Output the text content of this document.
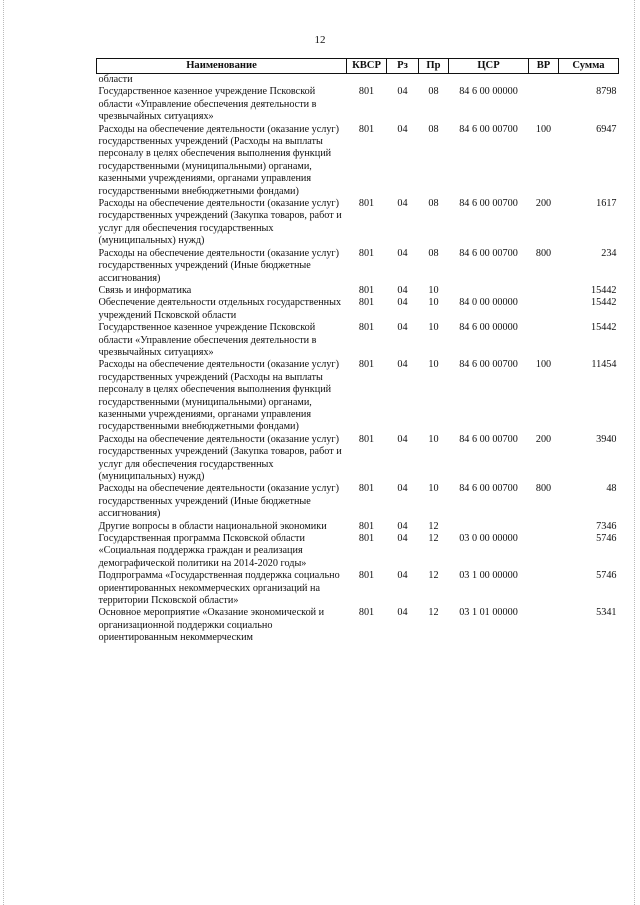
12
Наименование	КВСР	Рз	Пр	ЦСР	ВР	Сумма
области						
Государственное казенное учреждение Псковской области «Управление обеспечения деятельности в чрезвычайных ситуациях»	801	04	08	84 6 00 00000		8798
Расходы на обеспечение деятельности (оказание услуг) государственных учреждений (Расходы на выплаты персоналу в целях обеспечения выполнения функций государственными (муниципальными) органами, казенными учреждениями, органами управления государственными внебюджетными фондами)	801	04	08	84 6 00 00700	100	6947
Расходы на обеспечение деятельности (оказание услуг) государственных учреждений (Закупка товаров, работ и услуг для обеспечения государственных (муниципальных) нужд)	801	04	08	84 6 00 00700	200	1617
Расходы на обеспечение деятельности (оказание услуг) государственных учреждений (Иные бюджетные ассигнования)	801	04	08	84 6 00 00700	800	234
Связь и информатика	801	04	10			15442
Обеспечение деятельности отдельных государственных учреждений Псковской области	801	04	10	84 0 00 00000		15442
Государственное казенное учреждение Псковской области «Управление обеспечения деятельности в чрезвычайных ситуациях»	801	04	10	84 6 00 00000		15442
Расходы на обеспечение деятельности (оказание услуг) государственных учреждений (Расходы на выплаты персоналу в целях обеспечения выполнения функций государственными (муниципальными) органами, казенными учреждениями, органами управления государственными внебюджетными фондами)	801	04	10	84 6 00 00700	100	11454
Расходы на обеспечение деятельности (оказание услуг) государственных учреждений (Закупка товаров, работ и услуг для обеспечения государственных (муниципальных) нужд)	801	04	10	84 6 00 00700	200	3940
Расходы на обеспечение деятельности (оказание услуг) государственных учреждений (Иные бюджетные ассигнования)	801	04	10	84 6 00 00700	800	48
Другие вопросы в области национальной экономики	801	04	12			7346
Государственная программа Псковской области «Социальная поддержка граждан и реализация демографической политики на 2014-2020 годы»	801	04	12	03 0 00 00000		5746
Подпрограмма «Государственная поддержка социально ориентированных некоммерческих организаций на территории Псковской области»	801	04	12	03 1 00 00000		5746
Основное мероприятие «Оказание экономической и организационной поддержки социально ориентированным некоммерческим	801	04	12	03 1 01 00000		5341
